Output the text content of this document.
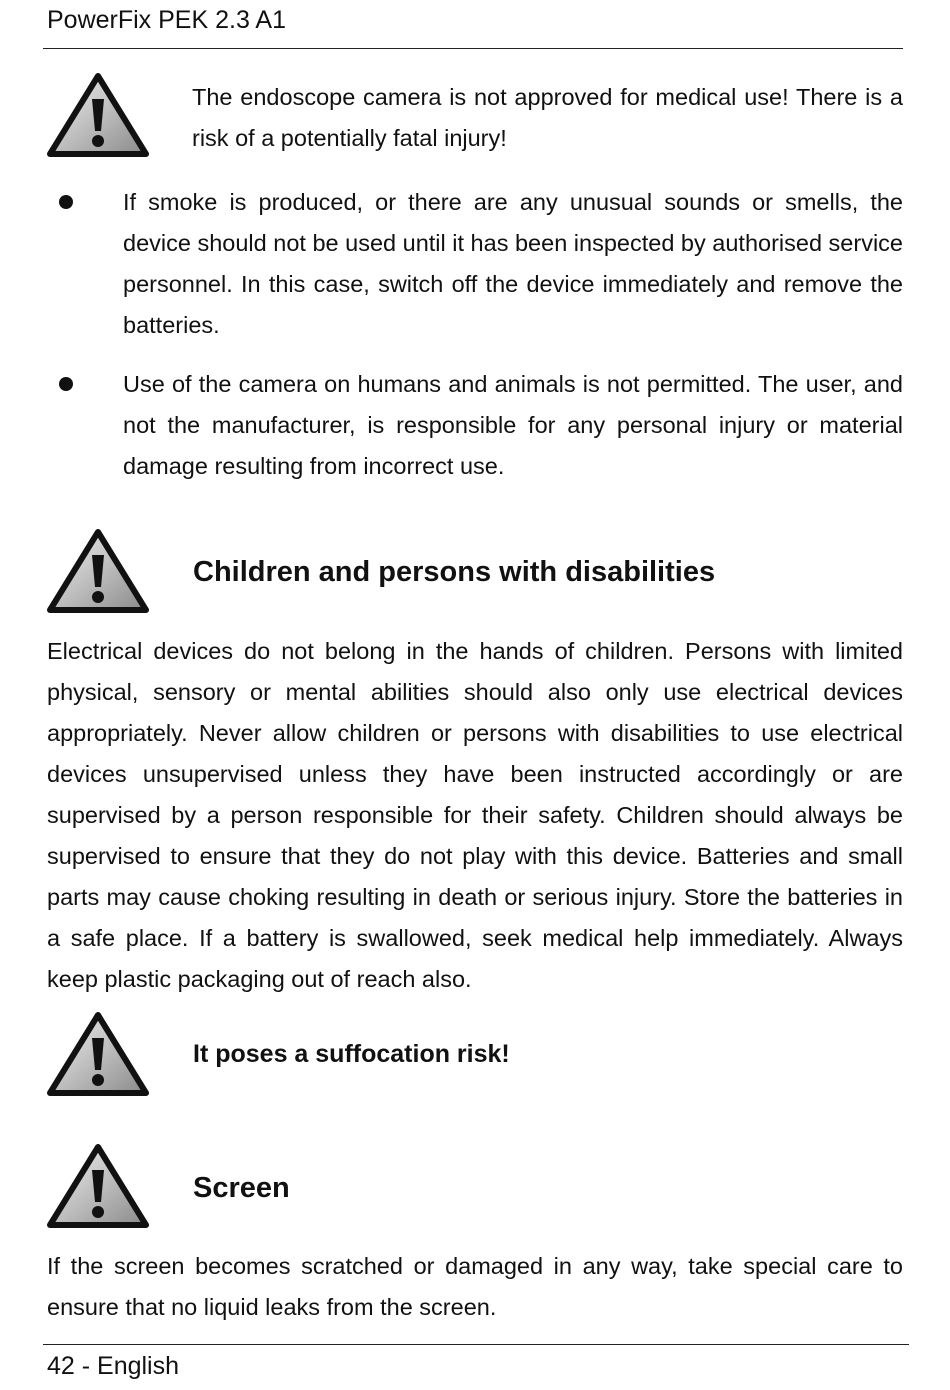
PowerFix PEK 2.3 A1
The endoscope camera is not approved for medical use! There is a risk of a potentially fatal injury!
If smoke is produced, or there are any unusual sounds or smells, the device should not be used until it has been inspected by authorised service personnel. In this case, switch off the device immediately and remove the batteries.
Use of the camera on humans and animals is not permitted. The user, and not the manufacturer, is responsible for any personal injury or material damage resulting from incorrect use.
Children and persons with disabilities
Electrical devices do not belong in the hands of children. Persons with limited physical, sensory or mental abilities should also only use electrical devices appropriately. Never allow children or persons with disabilities to use electrical devices unsupervised unless they have been instructed accordingly or are supervised by a person responsible for their safety. Children should always be supervised to ensure that they do not play with this device. Batteries and small parts may cause choking resulting in death or serious injury. Store the batteries in a safe place. If a battery is swallowed, seek medical help immediately. Always keep plastic packaging out of reach also.
It poses a suffocation risk!
Screen
If the screen becomes scratched or damaged in any way, take special care to ensure that no liquid leaks from the screen.
42 - English
